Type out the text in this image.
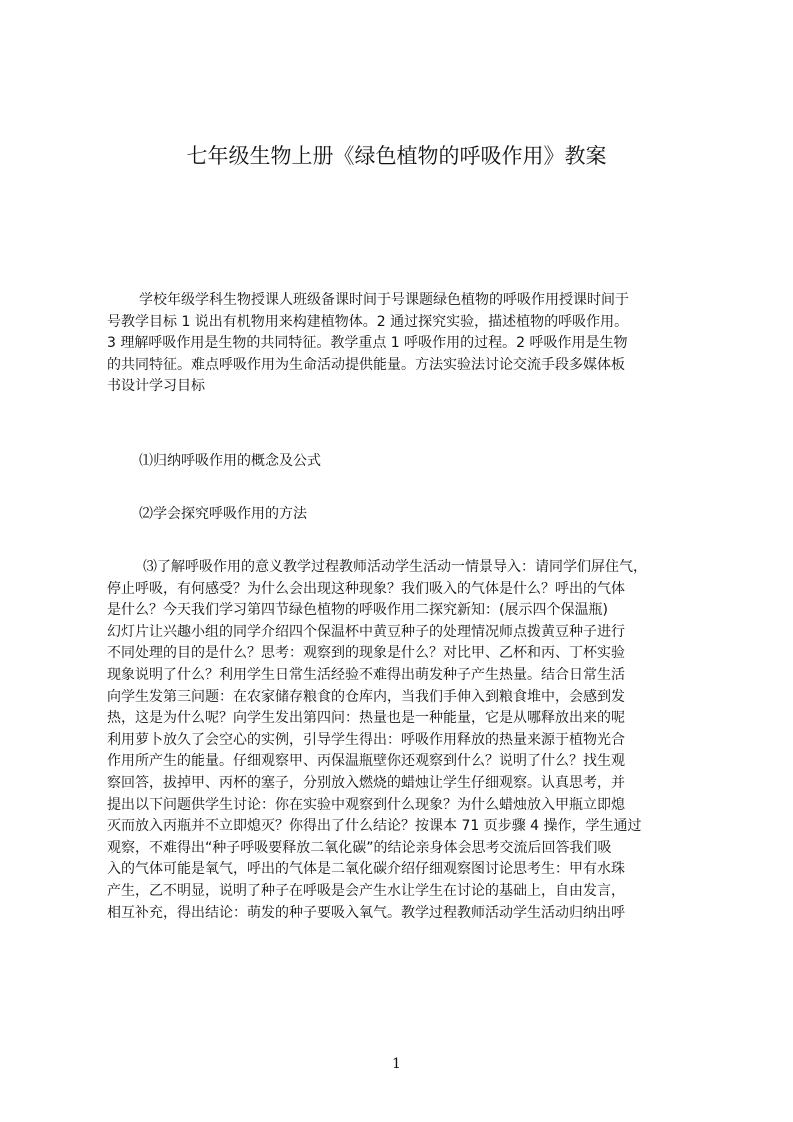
七年级生物上册《绿色植物的呼吸作用》教案
学校年级学科生物授课人班级备课时间于号课题绿色植物的呼吸作用授课时间于
号教学目标 1 说出有机物用来构建植物体。2 通过探究实验，描述植物的呼吸作用。
3 理解呼吸作用是生物的共同特征。教学重点 1 呼吸作用的过程。2 呼吸作用是生物
的共同特征。难点呼吸作用为生命活动提供能量。方法实验法讨论交流手段多媒体板
书设计学习目标
⑴归纳呼吸作用的概念及公式
⑵学会探究呼吸作用的方法
⑶了解呼吸作用的意义教学过程教师活动学生活动一情景导入：请同学们屏住气，
停止呼吸，有何感受？为什么会出现这种现象？我们吸入的气体是什么？呼出的气体
是什么？今天我们学习第四节绿色植物的呼吸作用二探究新知：(展示四个保温瓶)
幻灯片让兴趣小组的同学介绍四个保温杯中黄豆种子的处理情况师点拨黄豆种子进行
不同处理的目的是什么？思考：观察到的现象是什么？对比甲、乙杯和丙、丁杯实验
现象说明了什么？利用学生日常生活经验不难得出萌发种子产生热量。结合日常生活
向学生发第三问题：在农家储存粮食的仓库内，当我们手伸入到粮食堆中，会感到发
热，这是为什么呢？向学生发出第四问：热量也是一种能量，它是从哪释放出来的呢
利用萝卜放久了会空心的实例，引导学生得出：呼吸作用释放的热量来源于植物光合
作用所产生的能量。仔细观察甲、丙保温瓶壁你还观察到什么？说明了什么？找生观
察回答，拔掉甲、丙杯的塞子，分别放入燃烧的蜡烛让学生仔细观察。认真思考，并
提出以下问题供学生讨论：你在实验中观察到什么现象？为什么蜡烛放入甲瓶立即熄
灭而放入丙瓶并不立即熄灭？你得出了什么结论？按课本 71 页步骤 4 操作，学生通过
观察，不难得出“种子呼吸要释放二氧化碳”的结论亲身体会思考交流后回答我们吸
入的气体可能是氧气，呼出的气体是二氧化碳介绍仔细观察图讨论思考生：甲有水珠
产生，乙不明显，说明了种子在呼吸是会产生水让学生在讨论的基础上，自由发言，
相互补充，得出结论：萌发的种子要吸入氧气。教学过程教师活动学生活动归纳出呼
1
